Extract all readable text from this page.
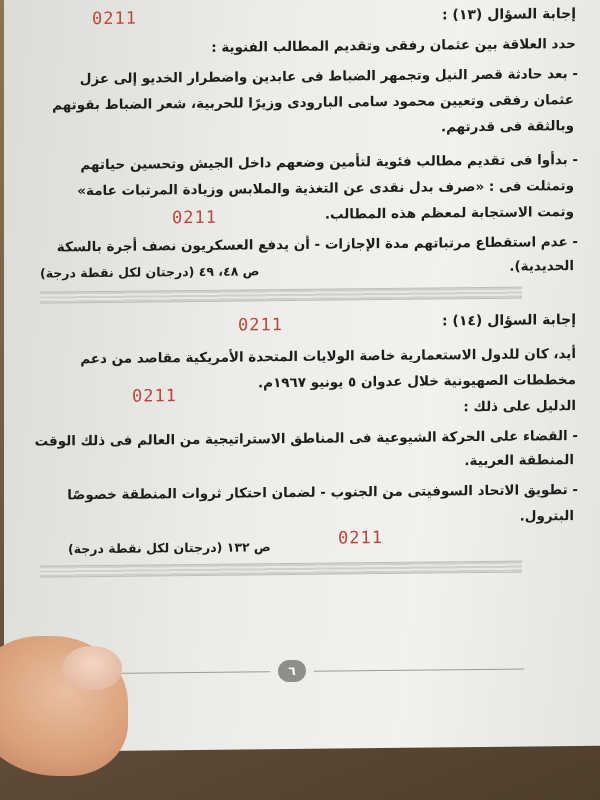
إجابة السؤال (١٣) :
0211
حدد العلاقة بين عثمان رفقى وتقديم المطالب الفنوية :
- بعد حادثة قصر النيل وتجمهر الضباط فى عابدين واضطرار الخديو إلى عزل
عثمان رفقى وتعيين محمود سامى البارودى وزيرًا للحربية، شعر الضباط بقوتهم
وبالثقة فى قدرتهم.
- بدأوا فى تقديم مطالب فئوية لتأمين وضعهم داخل الجيش وتحسين حياتهم
وتمثلت فى : «صرف بدل نقدى عن التغذية والملابس وزيادة المرتبات عامة»
وتمت الاستجابة لمعظم هذه المطالب.
0211
- عدم استقطاع مرتباتهم مدة الإجازات - أن يدفع العسكريون نصف أجرة بالسكة
الحديدية).
ص ٤٨، ٤٩ (درجتان لكل نقطة درجة)
إجابة السؤال (١٤) :
0211
أيد، كان للدول الاستعمارية خاصة الولايات المتحدة الأمريكية مقاصد من دعم
مخططات الصهيونية خلال عدوان ٥ يونيو ١٩٦٧م.
0211	الدليل على ذلك :
- القضاء على الحركة الشيوعية فى المناطق الاستراتيجية من العالم فى ذلك الوقت
المنطقة العربية.
- تطويق الاتحاد السوفيتى من الجنوب - لضمان احتكار ثروات المنطقة خصوصًا
البترول.
0211
ص ١٣٢ (درجتان لكل نقطة درجة)
٦
